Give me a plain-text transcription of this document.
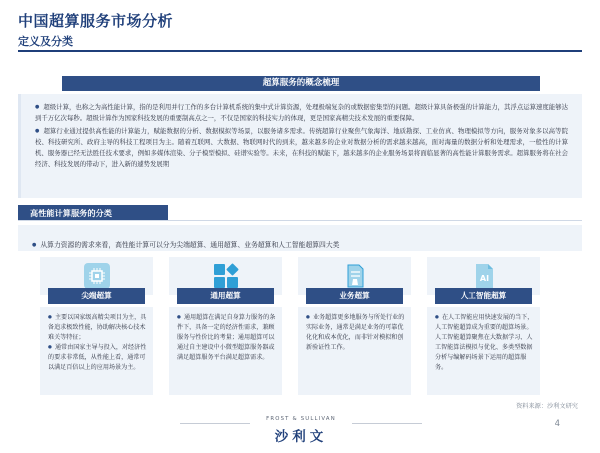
中国超算服务市场分析
定义及分类
超算服务的概念梳理

● 超级计算，也称之为高性能计算，指的是利用并行工作的多台计算机系统的集中式计算资源，处理极端复杂的或数据密集型的问题。超级计算具备极强的计算能力，其浮点运算速度能够达到千万亿次每秒。超级计算作为国家科技发展的重要制高点之一，不仅是国家的科技实力的体现，更是国家高精尖技术发展的重要保障。

● 超算行业通过提供高性能的计算能力，赋能数据的分析、数据模拟等场景，以服务诸多需求。传统超算行业聚焦气象海洋、地质勘探、工业仿真、物理模拟等方向，服务对象多以高等院校、科技研究所、政府主导的科技工程项目为主。随着互联网、大数据、物联网时代的到来，越来越多的企业对数据分析的需求越来越高，面对海量的数据分析和处理需求，一般性的计算机、服务器已经无法胜任技术要求，例如多媒体渲染、分子模型模拟、硅谱实验等。未来，在科技的赋能下，越来越多的企业服务场景将面临显著的高性能计算服务需求。超算服务将在社会经济、科技发展的带动下，进入新的遽势发展期

高性能计算服务的分类
● 从算力资源的需求来看，高性能计算可以分为尖端超算、通用超算、业务超算和人工智能超算四大类
尖端超算

● 主要以国家级高精尖项目为主，具备追求极致性能，协助解决核心技术难关等特征；

● 通常由国家主导与投入，对经济性的要求非常低，从性能上看，通常可以满足百倍以上的应用场景为主。

通用超算

● 通用超算在满足自身算力服务的条件下，具备一定的经济性需求，兼顾服务与性价比的考量；通用超算可以通过自主建设中小微型超算服务器或满足超算服务平台满足超算需求。

业务超算

● 业务超算更多地服务与所处行业的实际业务，通常是满足业务的可靠优化化和成本优化，而非针对模拟和创新验证性工作。

AI
人工智能超算

● 在人工智能应用快速发展的当下，人工智能超算成为重要的超算场景。人工智能超算聚焦在大数据学习、人工智能算法模拟与优化、多类型数据分析与编解码场景下运用的超算服务。

资料来源：沙利文研究
FROST & SULLIVAN
沙利文
4
